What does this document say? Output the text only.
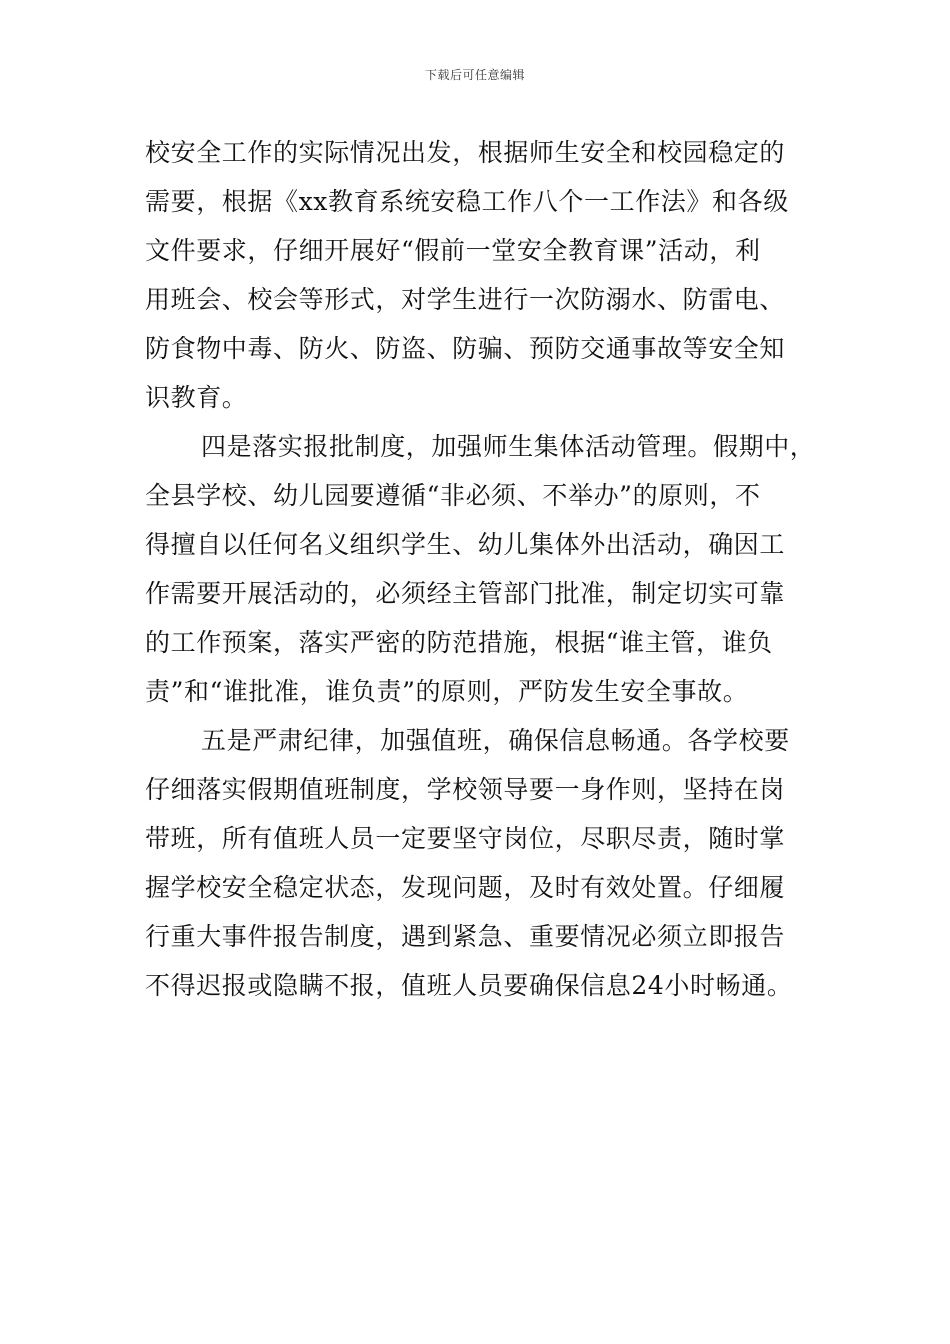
下载后可任意编辑

校安全工作的实际情况出发，根据师生安全和校园稳定的
需要，根据《xx教育系统安稳工作八个一工作法》和各级
文件要求，仔细开展好“假前一堂安全教育课”活动，利
用班会、校会等形式，对学生进行一次防溺水、防雷电、
防食物中毒、防火、防盗、防骗、预防交通事故等安全知
识教育。

四是落实报批制度，加强师生集体活动管理。假期中，
全县学校、幼儿园要遵循“非必须、不举办”的原则，不
得擅自以任何名义组织学生、幼儿集体外出活动，确因工
作需要开展活动的，必须经主管部门批准，制定切实可靠
的工作预案，落实严密的防范措施，根据“谁主管，谁负
责”和“谁批准，谁负责”的原则，严防发生安全事故。

五是严肃纪律，加强值班，确保信息畅通。各学校要
仔细落实假期值班制度，学校领导要一身作则，坚持在岗
带班，所有值班人员一定要坚守岗位，尽职尽责，随时掌
握学校安全稳定状态，发现问题，及时有效处置。仔细履
行重大事件报告制度，遇到紧急、重要情况必须立即报告
不得迟报或隐瞒不报，值班人员要确保信息24小时畅通。
